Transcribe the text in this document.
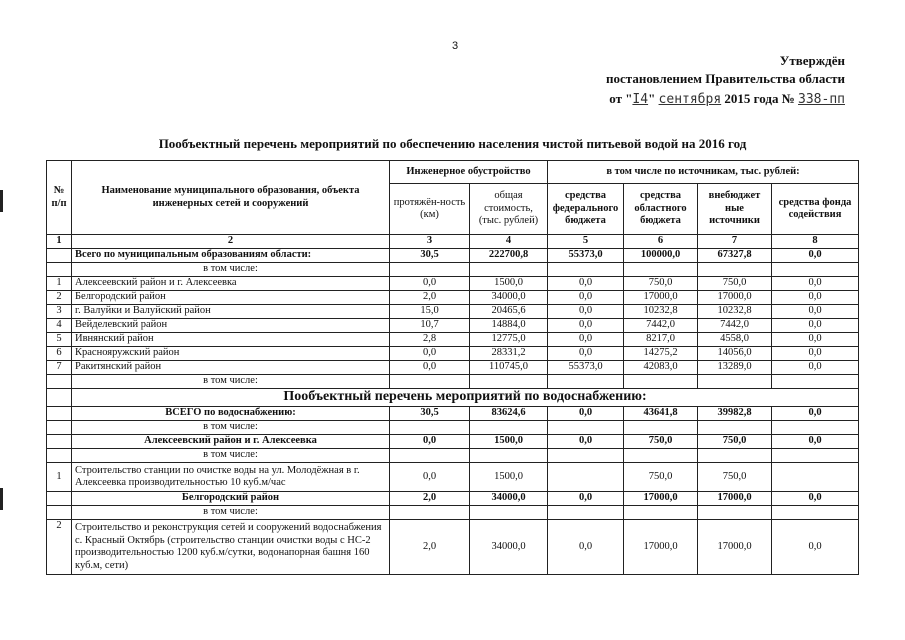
3
Утверждён
постановлением Правительства области
от "I4" сентября 2015 года № 338-пп
Пообъектный перечень мероприятий по обеспечению населения чистой питьевой водой на 2016 год
№ п/п	Наименование муниципального образования, объекта инженерных сетей и сооружений	Инженерное обустройство		в том числе по источникам, тыс. рублей:			
		протяжён-ность (км)	общая стоимость, (тыс. рублей)	средства федерального бюджета	средства областного бюджета	внебюджет ные источники	средства фонда содействия
1	2	3	4	5	6	7	8
	Всего по муниципальным образованиям области:	30,5	222700,8	55373,0	100000,0	67327,8	0,0
	в том числе:						
1	Алексеевский район и г. Алексеевка	0,0	1500,0	0,0	750,0	750,0	0,0
2	Белгородский район	2,0	34000,0	0,0	17000,0	17000,0	0,0
3	г. Валуйки и Валуйский район	15,0	20465,6	0,0	10232,8	10232,8	0,0
4	Вейделевский район	10,7	14884,0	0,0	7442,0	7442,0	0,0
5	Ивнянский район	2,8	12775,0	0,0	8217,0	4558,0	0,0
6	Краснояружский район	0,0	28331,2	0,0	14275,2	14056,0	0,0
7	Ракитянский район	0,0	110745,0	55373,0	42083,0	13289,0	0,0
	в том числе:						
	Пообъектный перечень мероприятий по водоснабжению:						
	ВСЕГО по водоснабжению:	30,5	83624,6	0,0	43641,8	39982,8	0,0
	в том числе:						
	Алексеевский район и г. Алексеевка	0,0	1500,0	0,0	750,0	750,0	0,0
	в том числе:						
1	Строительство станции по очистке воды на ул. Молодёжная в г. Алексеевка производительностью 10 куб.м/час	0,0	1500,0		750,0	750,0	
	Белгородский район	2,0	34000,0	0,0	17000,0	17000,0	0,0
	в том числе:						
2	Строительство и реконструкция сетей и сооружений водоснабжения с. Красный Октябрь (строительство станции очистки воды с НС-2 производительностью 1200 куб.м/сутки, водонапорная башня 160 куб.м, сети)	2,0	34000,0	0,0	17000,0	17000,0	0,0
